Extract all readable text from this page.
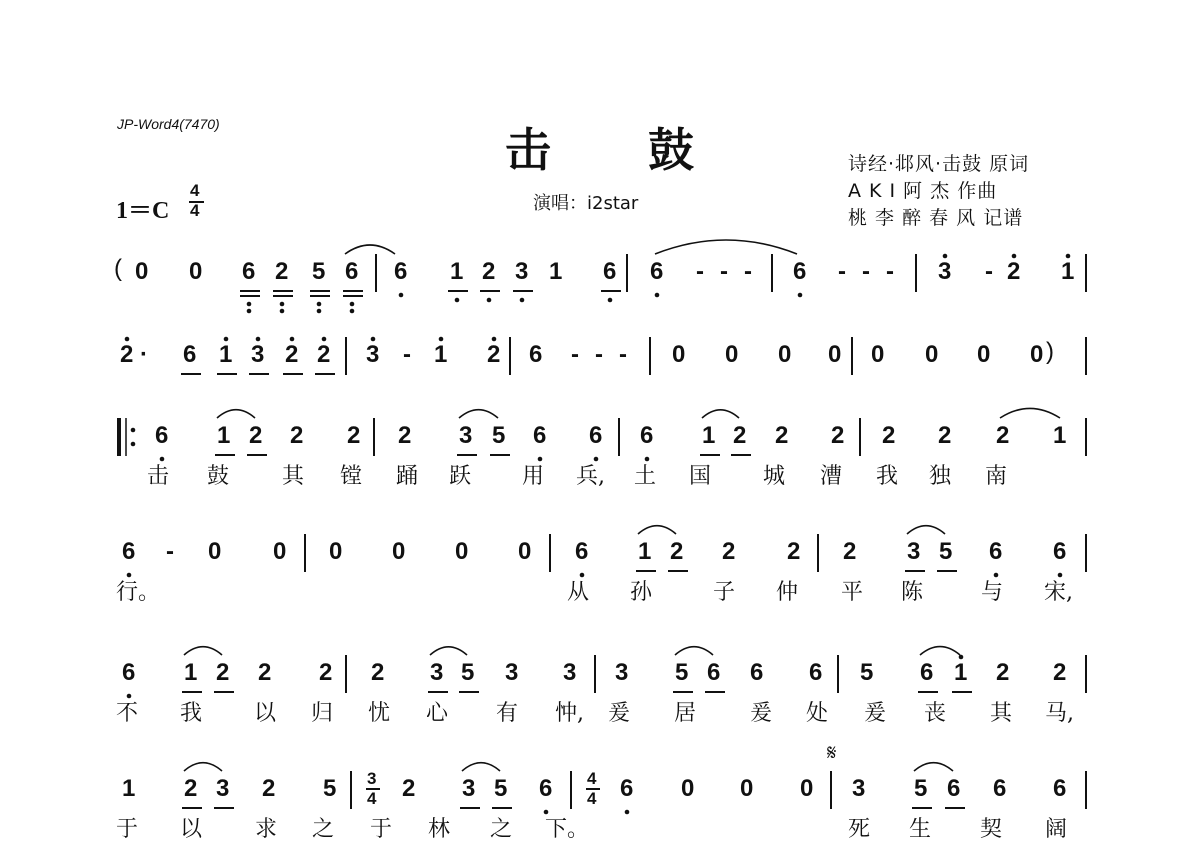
JP-Word4(7470)	击 鼓
演唱：i2star
诗经·邶风·击鼓 原词
A K I 阿 杰 作曲
桃 李 醉 春 风 记谱
1＝C
4
4
𝄋
0 0 6 2 5 6 6 1 2 3 1 6 6 - - - 6 - - - 3 - 2 1
(
2 · 6 1 3 2 2 3 - 1 2 6 - - - 0 0 0 0 0 0 0 0 )
6 1 2 2 2 2 3 5 6 6 6 1 2 2 2 2 2 2 1
击 鼓 其 镗 踊 跃 用 兵, 土 国 城 漕 我 独 南
6 - 0 0 0 0 0 0 6 1 2 2 2 2 3 5 6 6
行。	从 孙	子 仲 平 陈	与 宋,
6 1 2 2 2 2 3 5 3 3 3 5 6 6 6 5 6 1 2 2
不 我 以 归 忧 心 有 忡, 爰 居 爰 处 爰 丧 其 马,
1 2 3 2 5	2 3 5 6	6 0 0 0 3 5 6 6 6
3
4
4
4
于 以 求 之 于 林 之 下。	死 生 契 阔
